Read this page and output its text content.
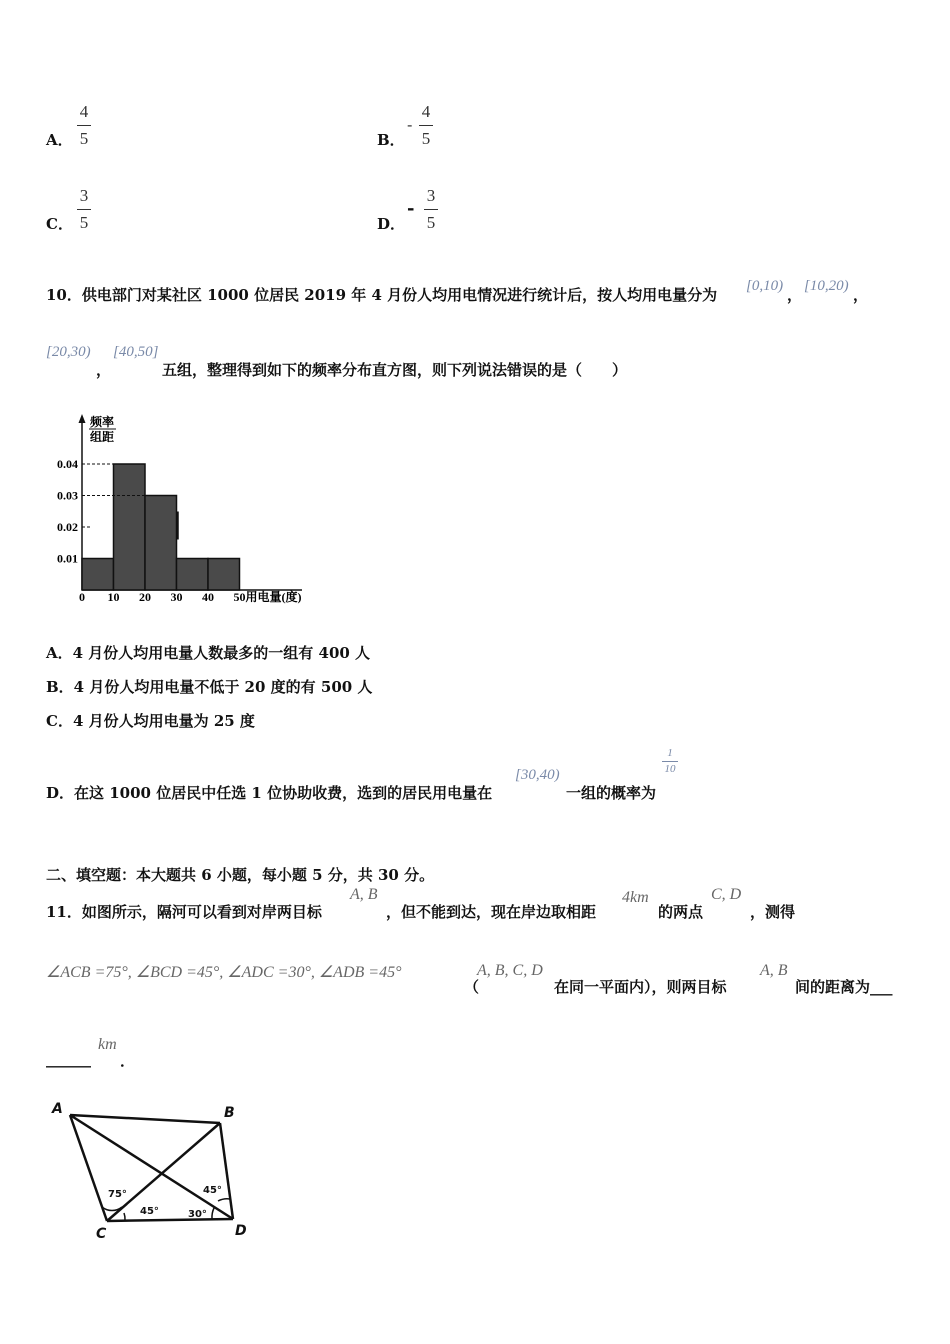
A．
4
5	B．
-
4
5
C．
3
5	D．
-
3
5
10．供电部门对某社区 1000 位居民 2019 年 4 月份人均用电情况进行统计后，按人均用电量分为 [0,10) ， [10,20) ，
[20,30)
，
[40,50]
五组，整理得到如下的频率分布直方图，则下列说法错误的是（　　）
频率
组距
0.01
0.02
0.03
0.04
0 10 20 30 40 50 用电量(度)
A．4 月份人均用电量人数最多的一组有 400 人
B．4 月份人均用电量不低于 20 度的有 500 人
C．4 月份人均用电量为 25 度
D．在这 1000 位居民中任选 1 位协助收费，选到的居民用电量在
[30,40)
一组的概率为
1
10
二、填空题：本大题共 6 小题，每小题 5 分，共 30 分。
11．如图所示，隔河可以看到对岸两目标
A, B
，但不能到达，现在岸边取相距
4km
的两点
C, D
，测得
∠ACB =75°, ∠BCD =45°, ∠ADC =30°, ∠ADB =45°
（
A, B, C, D
在同一平面内），则两目标
A, B
间的距离为___
______
km
．
A	B
C	D
75°
45°
45°
30°
